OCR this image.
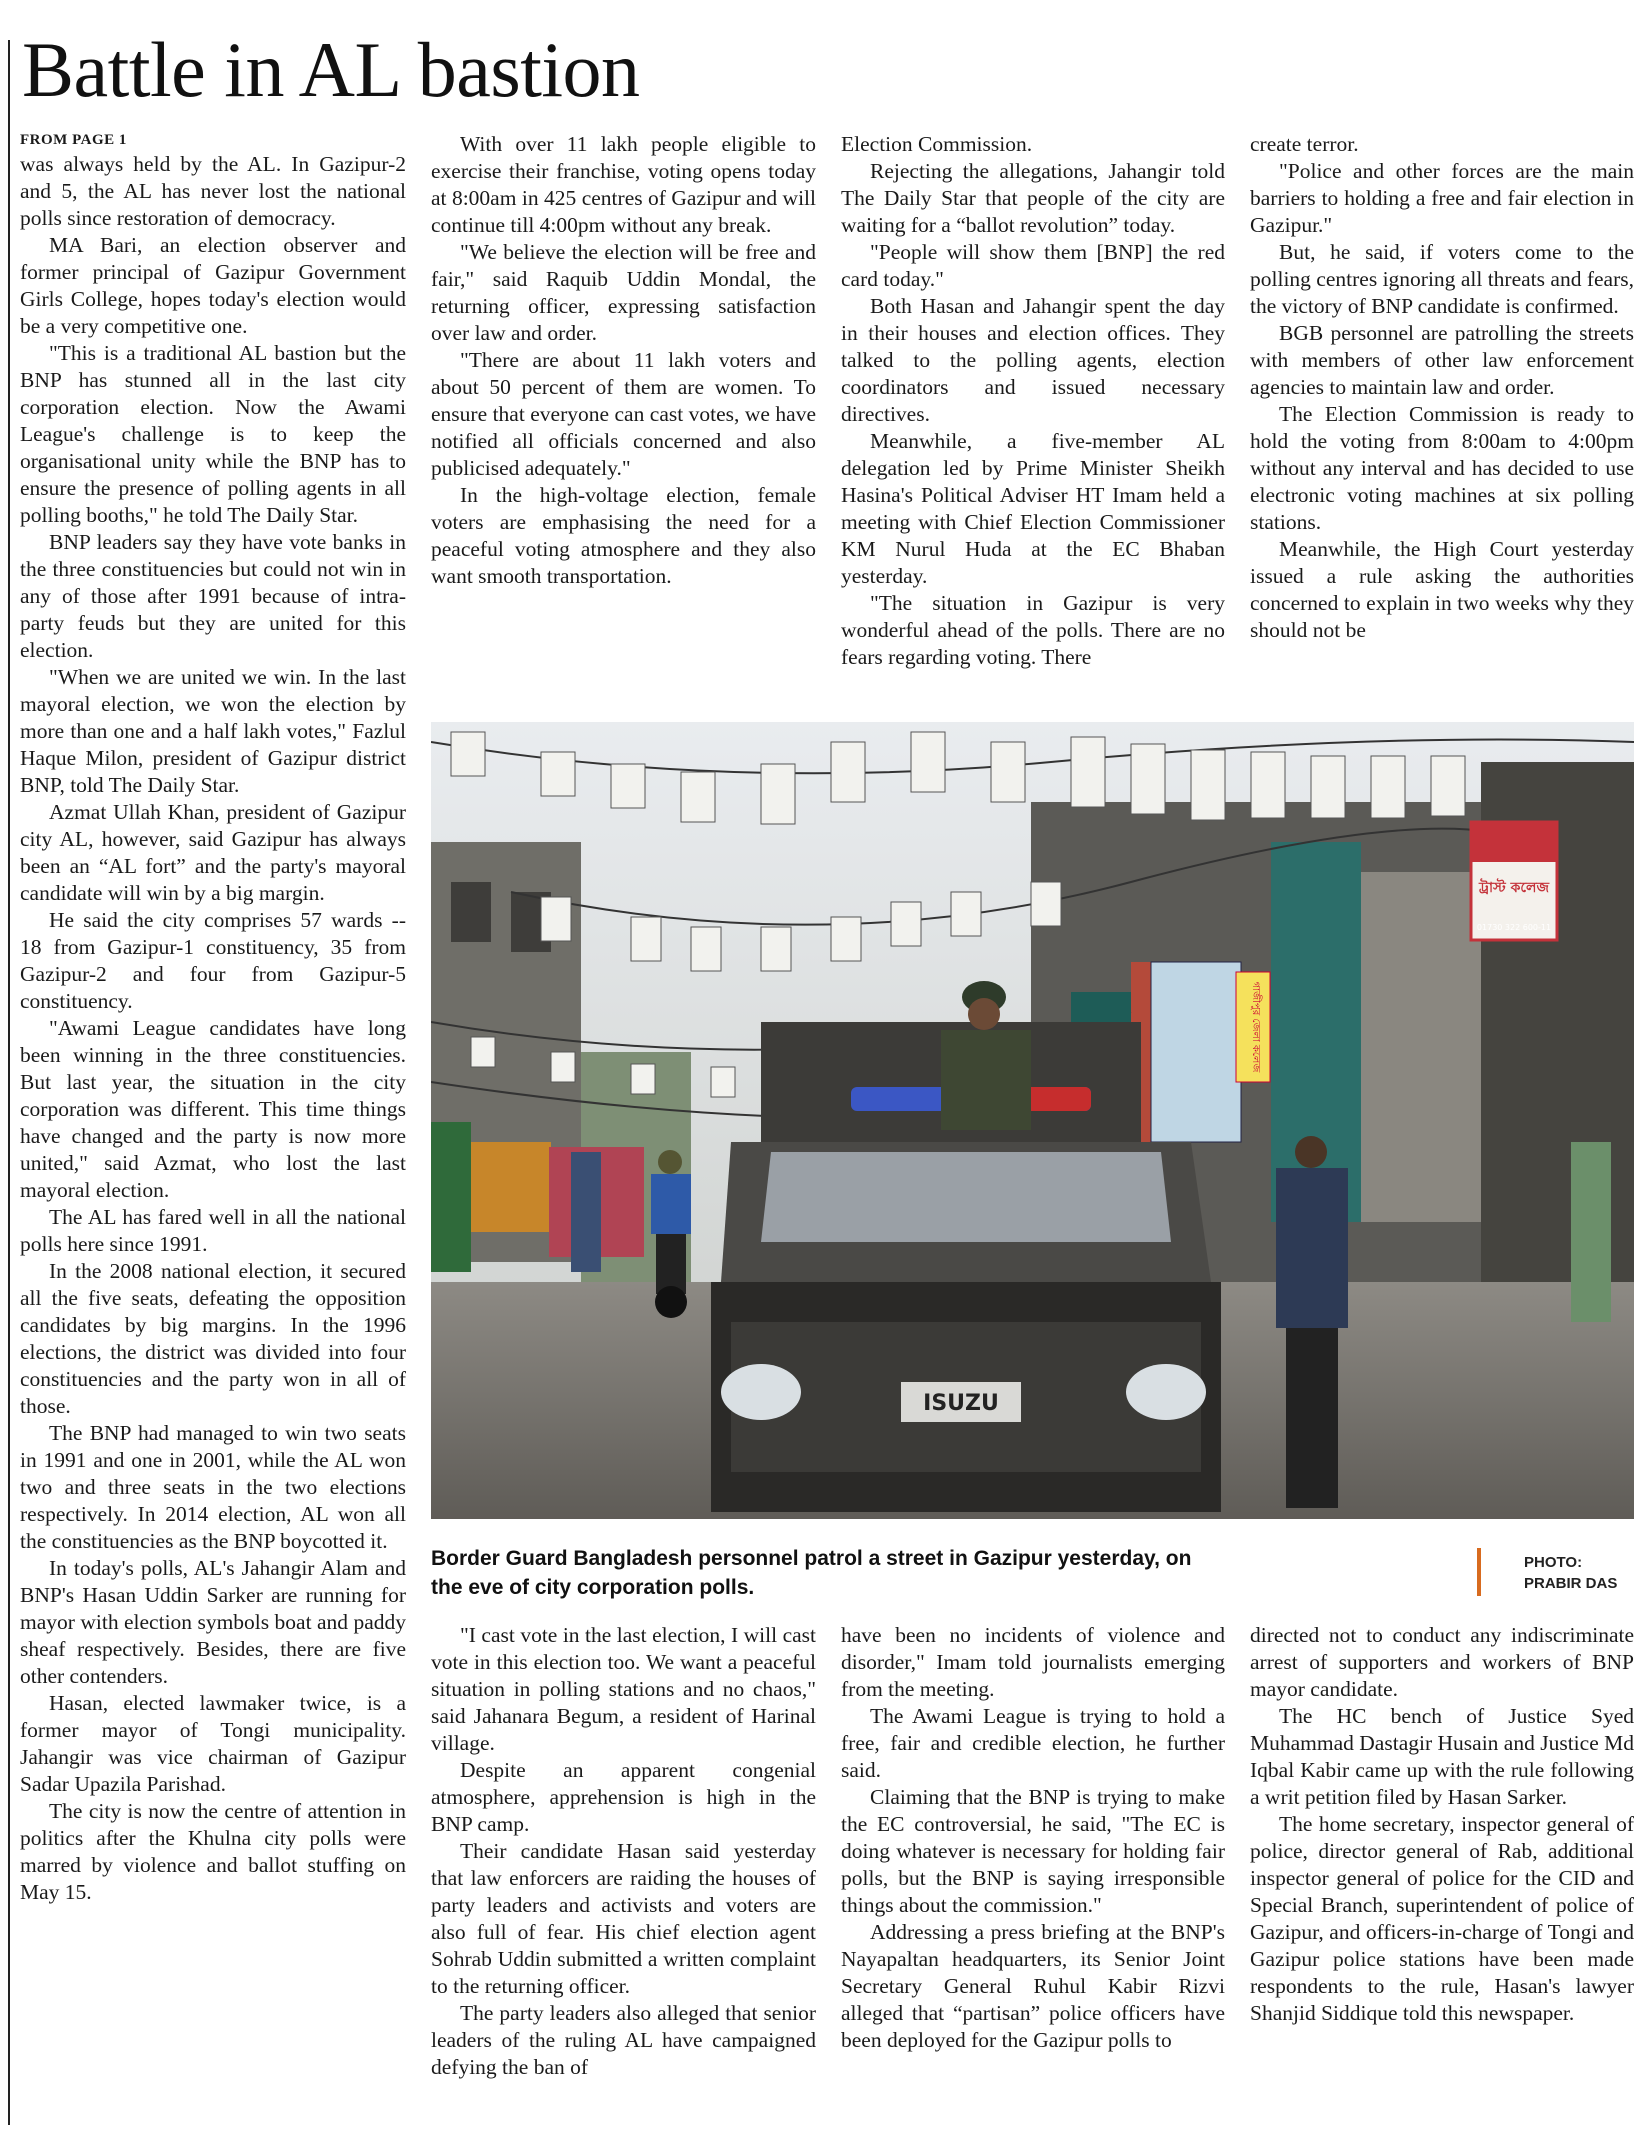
Battle in AL bastion
FROM PAGE 1

was always held by the AL. In Gazipur-2 and 5, the AL has never lost the national polls since restoration of democracy.

MA Bari, an election observer and former principal of Gazipur Government Girls College, hopes today's election would be a very competitive one.

"This is a traditional AL bastion but the BNP has stunned all in the last city corporation election. Now the Awami League's challenge is to keep the organisational unity while the BNP has to ensure the presence of polling agents in all polling booths," he told The Daily Star.

BNP leaders say they have vote banks in the three constituencies but could not win in any of those after 1991 because of intra-party feuds but they are united for this election.

"When we are united we win. In the last mayoral election, we won the election by more than one and a half lakh votes," Fazlul Haque Milon, president of Gazipur district BNP, told The Daily Star.

Azmat Ullah Khan, president of Gazipur city AL, however, said Gazipur has always been an “AL fort” and the party's mayoral candidate will win by a big margin.

He said the city comprises 57 wards -- 18 from Gazipur-1 constituency, 35 from Gazipur-2 and four from Gazipur-5 constituency.

"Awami League candidates have long been winning in the three constituencies. But last year, the situation in the city corporation was different. This time things have changed and the party is now more united," said Azmat, who lost the last mayoral election.

The AL has fared well in all the national polls here since 1991.

In the 2008 national election, it secured all the five seats, defeating the opposition candidates by big margins. In the 1996 elections, the district was divided into four constituencies and the party won in all of those.

The BNP had managed to win two seats in 1991 and one in 2001, while the AL won two and three seats in the two elections respectively. In 2014 election, AL won all the constituencies as the BNP boycotted it.

In today's polls, AL's Jahangir Alam and BNP's Hasan Uddin Sarker are running for mayor with election symbols boat and paddy sheaf respectively. Besides, there are five other contenders.

Hasan, elected lawmaker twice, is a former mayor of Tongi municipality. Jahangir was vice chairman of Gazipur Sadar Upazila Parishad.

The city is now the centre of attention in politics after the Khulna city polls were marred by violence and ballot stuffing on May 15.

With over 11 lakh people eligible to exercise their franchise, voting opens today at 8:00am in 425 centres of Gazipur and will continue till 4:00pm without any break.

"We believe the election will be free and fair," said Raquib Uddin Mondal, the returning officer, expressing satisfaction over law and order.

"There are about 11 lakh voters and about 50 percent of them are women. To ensure that everyone can cast votes, we have notified all officials concerned and also publicised adequately."

In the high-voltage election, female voters are emphasising the need for a peaceful voting atmosphere and they also want smooth transportation.

Election Commission.

Rejecting the allegations, Jahangir told The Daily Star that people of the city are waiting for a “ballot revolution” today.

"People will show them [BNP] the red card today."

Both Hasan and Jahangir spent the day in their houses and election offices. They talked to the polling agents, election coordinators and issued necessary directives.

Meanwhile, a five-member AL delegation led by Prime Minister Sheikh Hasina's Political Adviser HT Imam held a meeting with Chief Election Commissioner KM Nurul Huda at the EC Bhaban yesterday.

"The situation in Gazipur is very wonderful ahead of the polls. There are no fears regarding voting. There

create terror.

"Police and other forces are the main barriers to holding a free and fair election in Gazipur."

But, he said, if voters come to the polling centres ignoring all threats and fears, the victory of BNP candidate is confirmed.

BGB personnel are patrolling the streets with members of other law enforcement agencies to maintain law and order.

The Election Commission is ready to hold the voting from 8:00am to 4:00pm without any interval and has decided to use electronic voting machines at six polling stations.

Meanwhile, the High Court yesterday issued a rule asking the authorities concerned to explain in two weeks why they should not be

ট্রাস্ট কলেজ
01730 322 600-11
গাজীপুর জেলা কলেজ
ISUZU

Border Guard Bangladesh personnel patrol a street in Gazipur yesterday, on the eve of city corporation polls.

PHOTO:
PRABIR DAS

"I cast vote in the last election, I will cast vote in this election too. We want a peaceful situation in polling stations and no chaos," said Jahanara Begum, a resident of Harinal village.

Despite an apparent congenial atmosphere, apprehension is high in the BNP camp.

Their candidate Hasan said yesterday that law enforcers are raiding the houses of party leaders and activists and voters are also full of fear. His chief election agent Sohrab Uddin submitted a written complaint to the returning officer.

The party leaders also alleged that senior leaders of the ruling AL have campaigned defying the ban of

have been no incidents of violence and disorder," Imam told journalists emerging from the meeting.

The Awami League is trying to hold a free, fair and credible election, he further said.

Claiming that the BNP is trying to make the EC controversial, he said, "The EC is doing whatever is necessary for holding fair polls, but the BNP is saying irresponsible things about the commission."

Addressing a press briefing at the BNP's Nayapaltan headquarters, its Senior Joint Secretary General Ruhul Kabir Rizvi alleged that “partisan” police officers have been deployed for the Gazipur polls to

directed not to conduct any indiscriminate arrest of supporters and workers of BNP mayor candidate.

The HC bench of Justice Syed Muhammad Dastagir Husain and Justice Md Iqbal Kabir came up with the rule following a writ petition filed by Hasan Sarker.

The home secretary, inspector general of police, director general of Rab, additional inspector general of police for the CID and Special Branch, superintendent of police of Gazipur, and officers-in-charge of Tongi and Gazipur police stations have been made respondents to the rule, Hasan's lawyer Shanjid Siddique told this newspaper.
